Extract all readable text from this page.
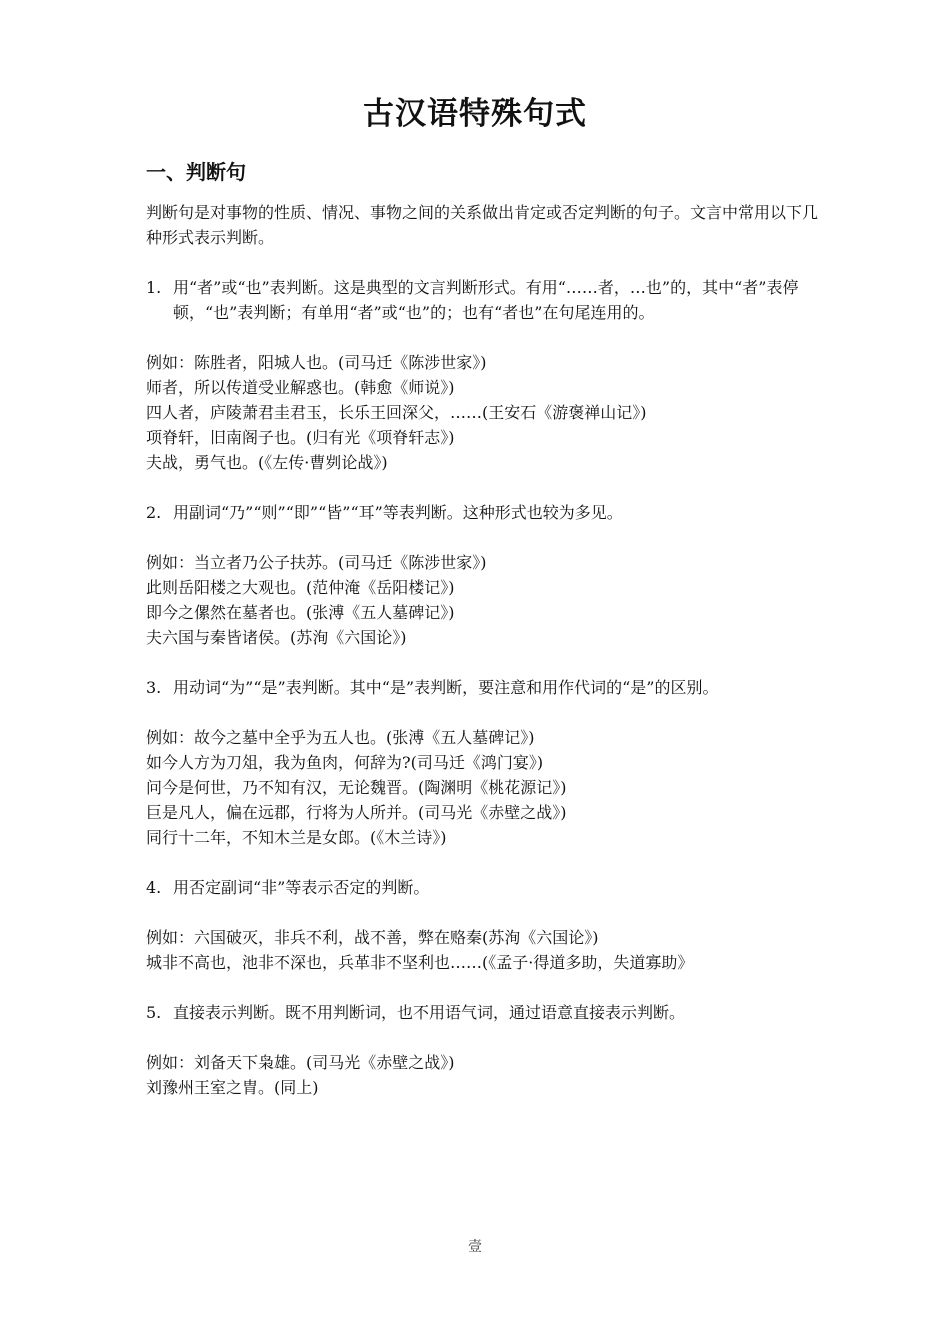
古汉语特殊句式
一、判断句

判断句是对事物的性质、情况、事物之间的关系做出肯定或否定判断的句子。文言中常用以下几种形式表示判断。

1. 用“者”或“也”表判断。这是典型的文言判断形式。有用“……者，…也”的，其中“者”表停顿，“也”表判断；有单用“者”或“也”的；也有“者也”在句尾连用的。
例如：陈胜者，阳城人也。(司马迁《陈涉世家》)
师者，所以传道受业解惑也。(韩愈《师说》)
四人者，庐陵萧君圭君玉，长乐王回深父，……(王安石《游褒禅山记》)
项脊轩，旧南阁子也。(归有光《项脊轩志》)
夫战，勇气也。(《左传·曹刿论战》)
2. 用副词“乃”“则”“即”“皆”“耳”等表判断。这种形式也较为多见。
例如：当立者乃公子扶苏。(司马迁《陈涉世家》)
此则岳阳楼之大观也。(范仲淹《岳阳楼记》)
即今之傫然在墓者也。(张溥《五人墓碑记》)
夫六国与秦皆诸侯。(苏洵《六国论》)
3. 用动词“为”“是”表判断。其中“是”表判断，要注意和用作代词的“是”的区别。
例如：故今之墓中全乎为五人也。(张溥《五人墓碑记》)
如今人方为刀俎，我为鱼肉，何辞为?(司马迁《鸿门宴》)
问今是何世，乃不知有汉，无论魏晋。(陶渊明《桃花源记》)
巨是凡人，偏在远郡，行将为人所并。(司马光《赤壁之战》)
同行十二年，不知木兰是女郎。(《木兰诗》)
4. 用否定副词“非”等表示否定的判断。
例如：六国破灭，非兵不利，战不善，弊在赂秦(苏洵《六国论》)
城非不高也，池非不深也，兵革非不坚利也……(《孟子·得道多助，失道寡助》
5. 直接表示判断。既不用判断词，也不用语气词，通过语意直接表示判断。
例如：刘备天下枭雄。(司马光《赤壁之战》)
刘豫州王室之胄。(同上)
壹
